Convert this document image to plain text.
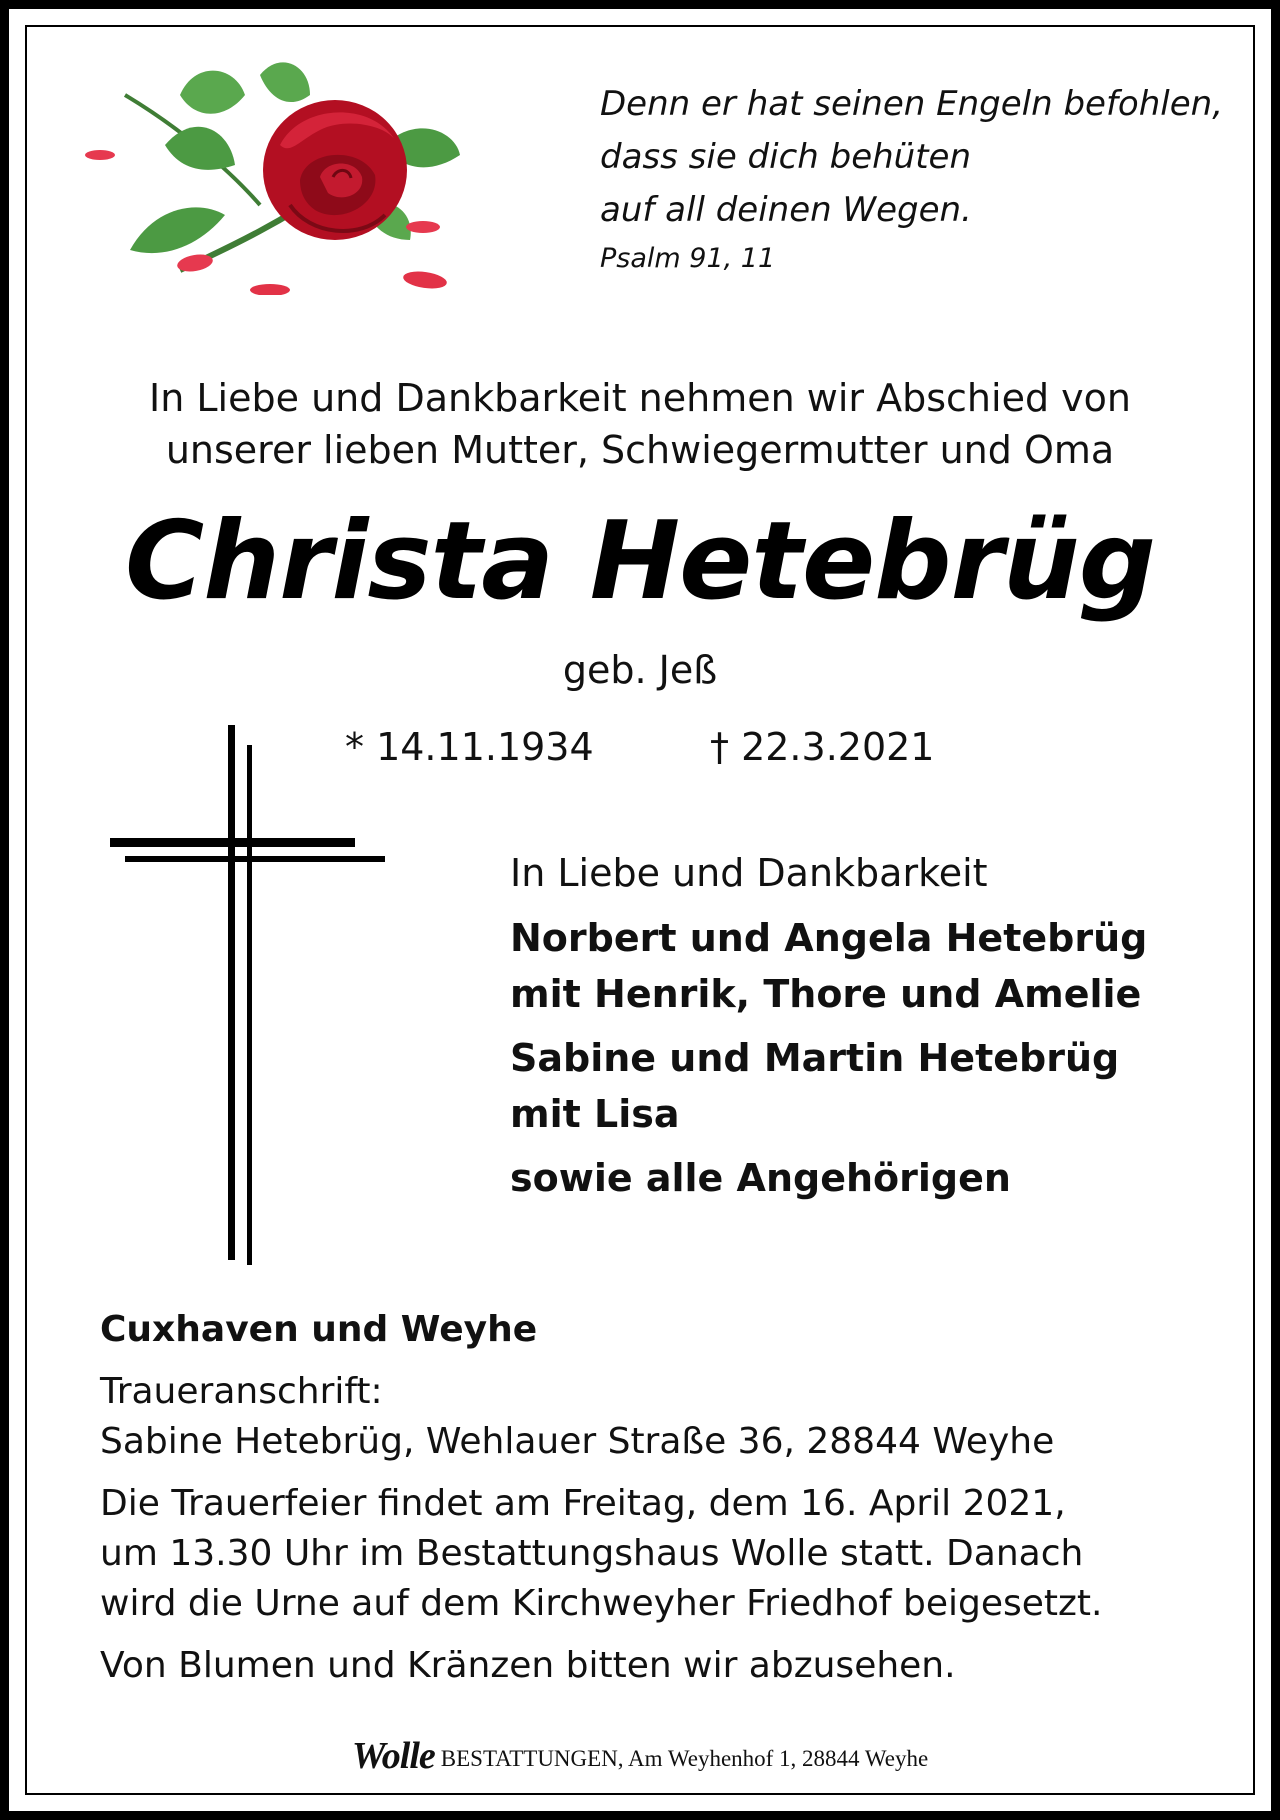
Denn er hat seinen Engeln befohlen,
dass sie dich behüten
auf all deinen Wegen.
Psalm 91, 11
In Liebe und Dankbarkeit nehmen wir Abschied von
unserer lieben Mutter, Schwiegermutter und Oma
Christa Hetebrüg
geb. Jeß
* 14.11.1934	† 22.3.2021
In Liebe und Dankbarkeit
Norbert und Angela Hetebrüg
mit Henrik, Thore und Amelie
Sabine und Martin Hetebrüg
mit Lisa
sowie alle Angehörigen
Cuxhaven und Weyhe
Traueranschrift:
Sabine Hetebrüg, Wehlauer Straße 36, 28844 Weyhe
Die Trauerfeier findet am Freitag, dem 16. April 2021,
um 13.30 Uhr im Bestattungshaus Wolle statt. Danach
wird die Urne auf dem Kirchweyher Friedhof beigesetzt.
Von Blumen und Kränzen bitten wir abzusehen.
Wolle BESTATTUNGEN, Am Weyhenhof 1, 28844 Weyhe
